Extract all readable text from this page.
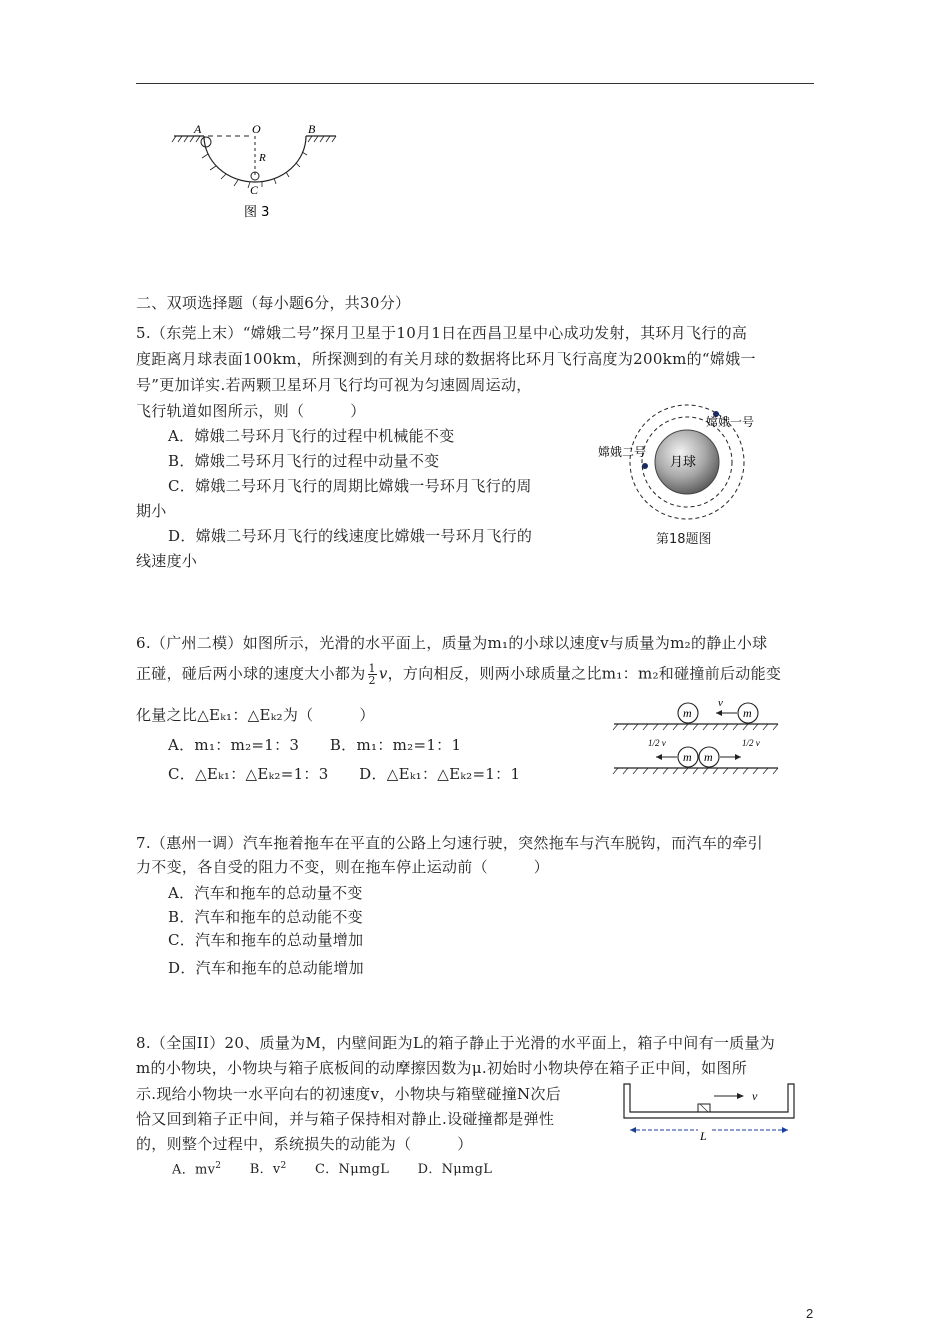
A	O	B
R
C
图 3
二、双项选择题（每小题6分，共30分）
5.（东莞上末）“嫦娥二号”探月卫星于10月1日在西昌卫星中心成功发射，其环月飞行的高
度距离月球表面100km，所探测到的有关月球的数据将比环月飞行高度为200km的“嫦娥一
号”更加详实.若两颗卫星环月飞行均可视为匀速圆周运动，
飞行轨道如图所示，则（　　　）
A．嫦娥二号环月飞行的过程中机械能不变
B．嫦娥二号环月飞行的过程中动量不变
C．嫦娥二号环月飞行的周期比嫦娥一号环月飞行的周
期小
D．嫦娥二号环月飞行的线速度比嫦娥一号环月飞行的
线速度小
月球
嫦娥一号
嫦娥二号
第18题图
6.（广州二模）如图所示，光滑的水平面上，质量为m₁的小球以速度v与质量为m₂的静止小球
正碰，碰后两小球的速度大小都为 $\frac{1}{2}$ v，方向相反，则两小球质量之比m₁：m₂和碰撞前后动能变
化量之比△Eₖ₁：△Eₖ₂为（　　　）
A．m₁：m₂=1：3　　B．m₁：m₂=1：1
C．△Eₖ₁：△Eₖ₂=1：3　　D．△Eₖ₁：△Eₖ₂=1：1
m	m
v
m m
1/2 v	1/2 v
7.（惠州一调）汽车拖着拖车在平直的公路上匀速行驶，突然拖车与汽车脱钩，而汽车的牵引
力不变，各自受的阻力不变，则在拖车停止运动前（　　　）
A．汽车和拖车的总动量不变
B．汽车和拖车的总动能不变
C．汽车和拖车的总动量增加
D．汽车和拖车的总动能增加
8.（全国II）20、质量为M，内壁间距为L的箱子静止于光滑的水平面上，箱子中间有一质量为
m的小物块，小物块与箱子底板间的动摩擦因数为μ.初始时小物块停在箱子正中间，如图所
示.现给小物块一水平向右的初速度v，小物块与箱壁碰撞N次后
恰又回到箱子正中间，并与箱子保持相对静止.设碰撞都是弹性
的，则整个过程中，系统损失的动能为（　　　）
A．$mv^2$ B．$v^2$ C．NμmgL D．NμmgL
v
L
2
